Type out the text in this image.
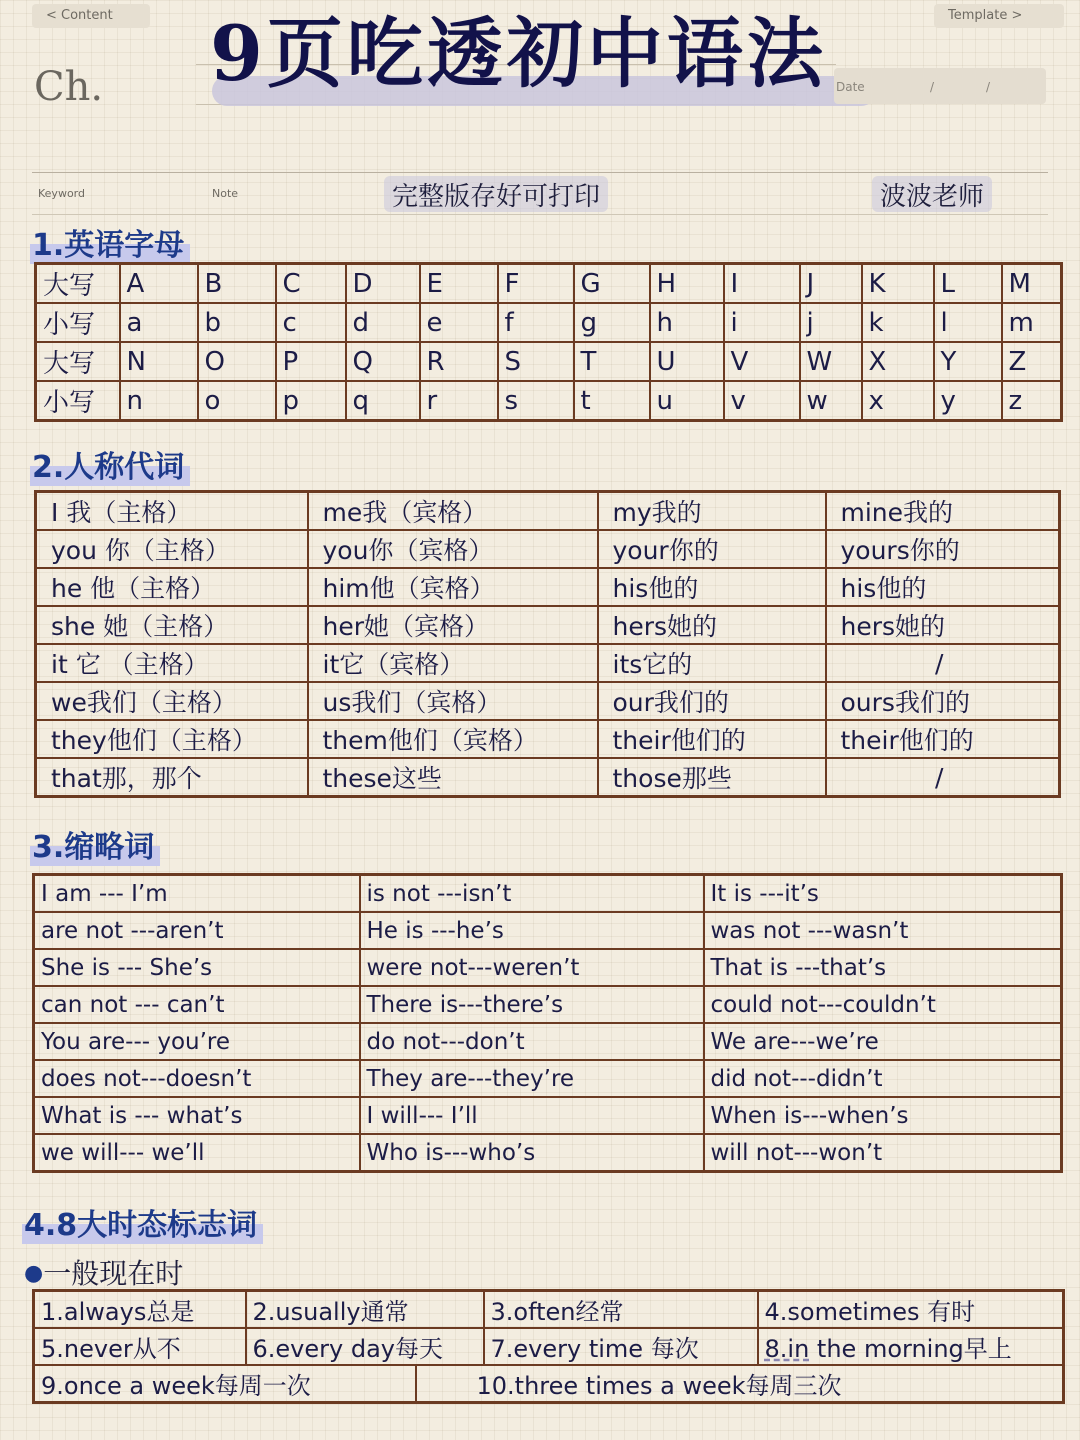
< Content	Template >
Ch. 9页吃透初中语法 Date	/	/
Keyword	Note	完整版存好可打印	波波老师
1.英语字母
大写	A	B	C	D	E	F	G	H	I	J	K	L	M
小写	a	b	c	d	e	f	g	h	i	j	k	l	m
大写	N	O	P	Q	R	S	T	U	V	W	X	Y	Z
小写	n	o	p	q	r	s	t	u	v	w	x	y	z
2.人称代词
I 我（主格）	me我（宾格）	my我的	mine我的
you 你（主格）	you你（宾格）	your你的	yours你的
he 他（主格）	him他（宾格）	his他的	his他的
she 她（主格）	her她（宾格）	hers她的	hers她的
it 它 （主格）	it它（宾格）	its它的	/
we我们（主格）	us我们（宾格）	our我们的	ours我们的
they他们（主格）	them他们（宾格）	their他们的	their他们的
that那，那个	these这些	those那些	/
3.缩略词
I am --- I’m	is not ---isn’t	It is ---it’s
are not ---aren’t	He is ---he’s	was not ---wasn’t
She is --- She’s	were not---weren’t	That is ---that’s
can not --- can’t	There is---there’s	could not---couldn’t
You are--- you’re	do not---don’t	We are---we’re
does not---doesn’t	They are---they’re	did not---didn’t
What is --- what’s	I will--- I’ll	When is---when’s
we will--- we’ll	Who is---who’s	will not---won’t
4.8大时态标志词
●一般现在时
1.always总是	2.usually通常		3.often经常	4.sometimes 有时
5.never从不	6.every day每天		7.every time 每次	8.in the morning早上
9.once a week每周一次		10.three times a week每周三次		
